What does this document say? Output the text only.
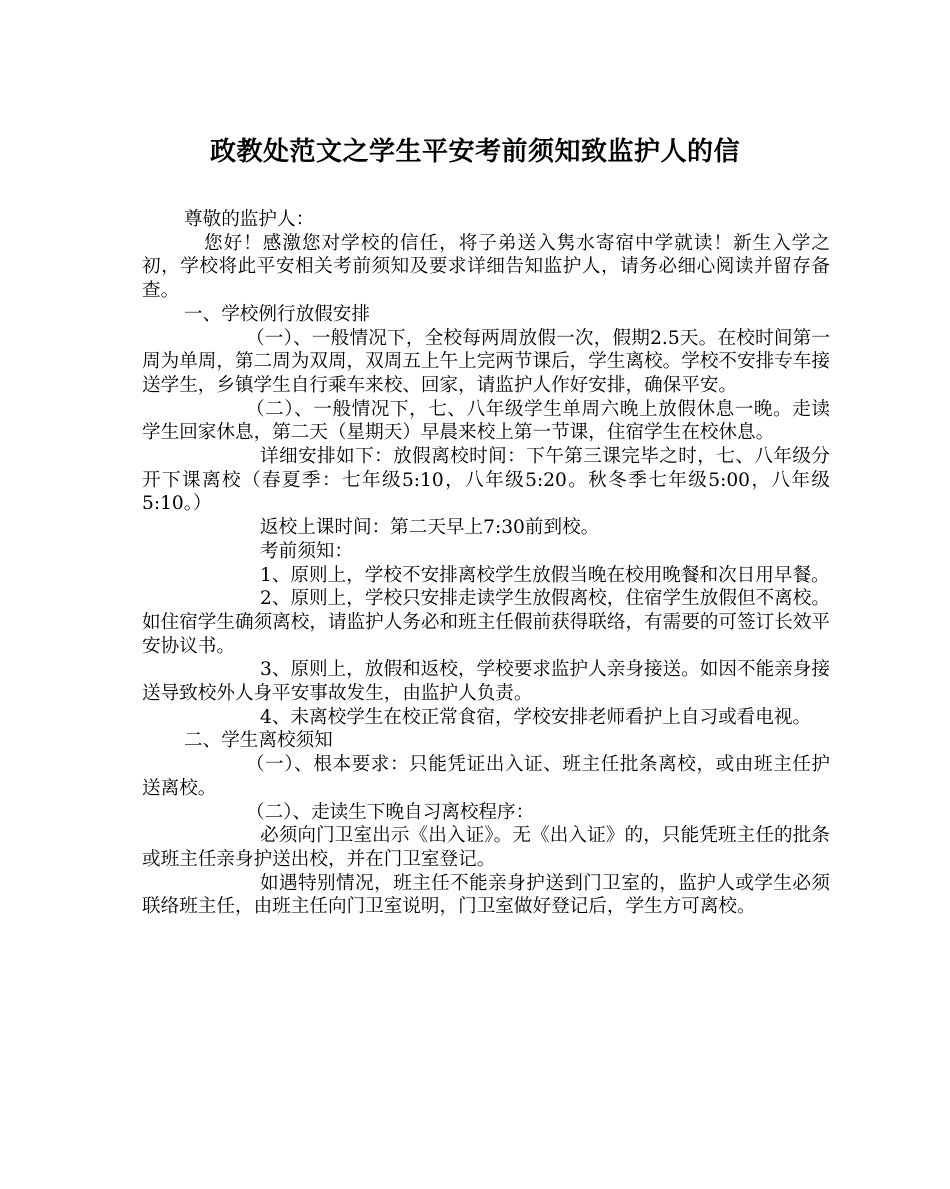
政教处范文之学生平安考前须知致监护人的信

尊敬的监护人：

您好！感激您对学校的信任，将子弟送入隽水寄宿中学就读！新生入学之初，学校将此平安相关考前须知及要求详细告知监护人，请务必细心阅读并留存备查。

一、学校例行放假安排

（一）、一般情况下，全校每两周放假一次，假期2.5天。在校时间第一周为单周，第二周为双周，双周五上午上完两节课后，学生离校。学校不安排专车接送学生，乡镇学生自行乘车来校、回家，请监护人作好安排，确保平安。

（二）、一般情况下，七、八年级学生单周六晚上放假休息一晚。走读学生回家休息，第二天（星期天）早晨来校上第一节课，住宿学生在校休息。

详细安排如下：放假离校时间：下午第三课完毕之时，七、八年级分开下课离校（春夏季：七年级5:10，八年级5:20。秋冬季七年级5:00，八年级5:10。）

返校上课时间：第二天早上7:30前到校。

考前须知：

1、原则上，学校不安排离校学生放假当晚在校用晚餐和次日用早餐。

2、原则上，学校只安排走读学生放假离校，住宿学生放假但不离校。如住宿学生确须离校，请监护人务必和班主任假前获得联络，有需要的可签订长效平安协议书。

3、原则上，放假和返校，学校要求监护人亲身接送。如因不能亲身接送导致校外人身平安事故发生，由监护人负责。

4、未离校学生在校正常食宿，学校安排老师看护上自习或看电视。

二、学生离校须知

（一）、根本要求：只能凭证出入证、班主任批条离校，或由班主任护送离校。

（二）、走读生下晚自习离校程序：

必须向门卫室出示《出入证》。无《出入证》的，只能凭班主任的批条或班主任亲身护送出校，并在门卫室登记。

如遇特别情况，班主任不能亲身护送到门卫室的，监护人或学生必须联络班主任，由班主任向门卫室说明，门卫室做好登记后，学生方可离校。
